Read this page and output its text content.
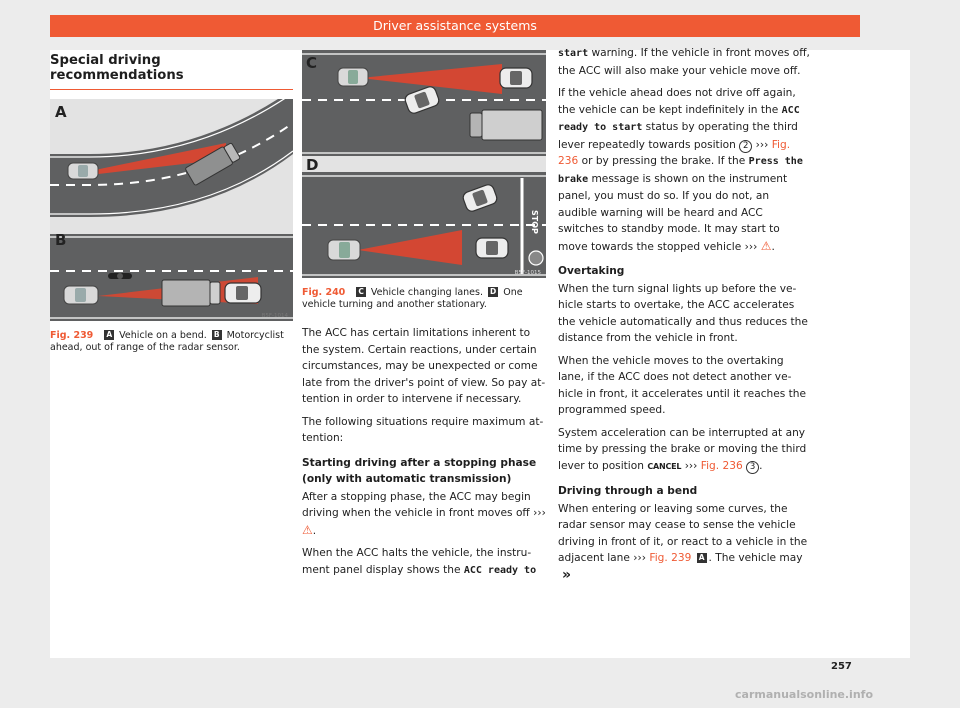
Driver assistance systems
Special driving recommendations
A
B
B5F-1014
Fig. 239 A Vehicle on a bend. B Motorcyclist ahead, out of range of the radar sensor.
STOP
C
D
B5F-1015
Fig. 240 C Vehicle changing lanes. D One vehicle turning and another stationary.

The ACC has certain limitations inherent to the system. Certain reactions, under certain circumstances, may be unexpected or come late from the driver's point of view. So pay at-tention in order to intervene if necessary.

The following situations require maximum at-tention:

Starting driving after a stopping phase (only with automatic transmission)

After a stopping phase, the ACC may begin driving when the vehicle in front moves off ››› ⚠.

When the ACC halts the vehicle, the instru-ment panel display shows the ACC ready to

start warning. If the vehicle in front moves off, the ACC will also make your vehicle move off.

If the vehicle ahead does not drive off again, the vehicle can be kept indefinitely in the ACC ready to start status by operating the third lever repeatedly towards position 2 ››› Fig. 236 or by pressing the brake. If the Press the brake message is shown on the instrument panel, you must do so. If you do not, an audible warning will be heard and ACC switches to standby mode. It may start to move towards the stopped vehicle ››› ⚠.

Overtaking

When the turn signal lights up before the ve-hicle starts to overtake, the ACC accelerates the vehicle automatically and thus reduces the distance from the vehicle in front.

When the vehicle moves to the overtaking lane, if the ACC does not detect another ve-hicle in front, it accelerates until it reaches the programmed speed.

System acceleration can be interrupted at any time by pressing the brake or moving the third lever to position CANCEL ››› Fig. 236 3 .

Driving through a bend

When entering or leaving some curves, the radar sensor may cease to sense the vehicle driving in front of it, or react to a vehicle in the adjacent lane ››› Fig. 239 A . The vehicle may »

257
carmanualsonline.info
